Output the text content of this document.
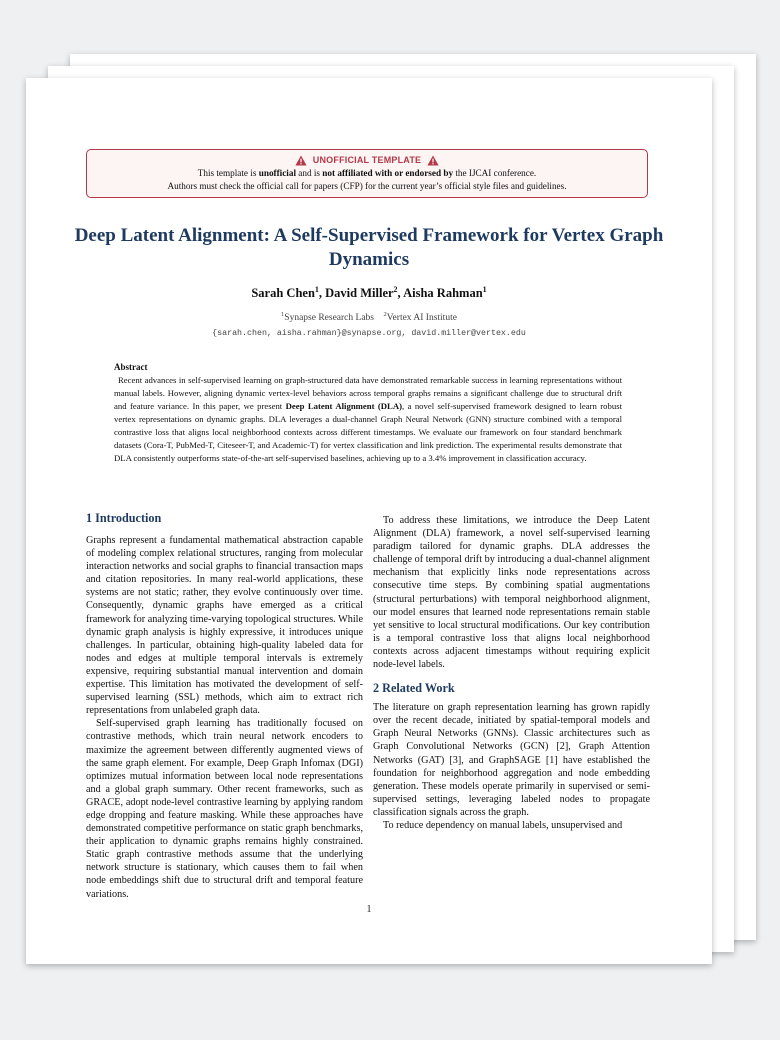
UNOFFICIAL TEMPLATE
This template is unofficial and is not affiliated with or endorsed by the IJCAI conference.
Authors must check the official call for papers (CFP) for the current year’s official style files and guidelines.
Deep Latent Alignment: A Self-Supervised Framework for Vertex Graph Dynamics
Sarah Chen$^1$, David Miller$^2$, Aisha Rahman$^1$
$^1$Synapse Research Labs $^2$Vertex AI Institute
{sarah.chen, aisha.rahman}@synapse.org, david.miller@vertex.edu
Abstract

Recent advances in self-supervised learning on graph-structured data have demonstrated remarkable success in learning representations without manual labels. However, aligning dynamic vertex-level behaviors across temporal graphs remains a significant challenge due to structural drift and feature variance. In this paper, we present Deep Latent Alignment (DLA), a novel self-supervised framework designed to learn robust vertex representations on dynamic graphs. DLA leverages a dual-channel Graph Neural Network (GNN) structure combined with a temporal contrastive loss that aligns local neighborhood contexts across different timestamps. We evaluate our framework on four standard benchmark datasets (Cora-T, PubMed-T, Citeseer-T, and Academic-T) for vertex classification and link prediction. The experimental results demonstrate that DLA consistently outperforms state-of-the-art self-supervised baselines, achieving up to a 3.4% improvement in classification accuracy.

1 Introduction

Graphs represent a fundamental mathematical abstraction capable of modeling complex relational structures, ranging from molecular interaction networks and social graphs to financial transaction maps and citation repositories. In many real-world applications, these systems are not static; rather, they evolve continuously over time. Consequently, dynamic graphs have emerged as a critical framework for analyzing time-varying topological structures. While dynamic graph analysis is highly expressive, it introduces unique challenges. In particular, obtaining high-quality labeled data for nodes and edges at multiple temporal intervals is extremely expensive, requiring substantial manual intervention and domain expertise. This limitation has motivated the development of self-supervised learning (SSL) methods, which aim to extract rich representations from unlabeled graph data.

Self-supervised graph learning has traditionally focused on contrastive methods, which train neural network encoders to maximize the agreement between differently augmented views of the same graph element. For example, Deep Graph Infomax (DGI) optimizes mutual information between local node representations and a global graph summary. Other recent frameworks, such as GRACE, adopt node-level contrastive learning by applying random edge dropping and feature masking. While these approaches have demonstrated competitive performance on static graph benchmarks, their application to dynamic graphs remains highly constrained. Static graph contrastive methods assume that the underlying network structure is stationary, which causes them to fail when node embeddings shift due to structural drift and temporal feature variations.

To address these limitations, we introduce the Deep Latent Alignment (DLA) framework, a novel self-supervised learning paradigm tailored for dynamic graphs. DLA addresses the challenge of temporal drift by introducing a dual-channel alignment mechanism that explicitly links node representations across consecutive time steps. By combining spatial augmentations (structural perturbations) with temporal neighborhood alignment, our model ensures that learned node representations remain stable yet sensitive to local structural modifications. Our key contribution is a temporal contrastive loss that aligns local neighborhood contexts across adjacent timestamps without requiring explicit node-level labels.

2 Related Work

The literature on graph representation learning has grown rapidly over the recent decade, initiated by spatial-temporal models and Graph Neural Networks (GNNs). Classic architectures such as Graph Convolutional Networks (GCN) [2], Graph Attention Networks (GAT) [3], and GraphSAGE [1] have established the foundation for neighborhood aggregation and node embedding generation. These models operate primarily in supervised or semi-supervised settings, leveraging labeled nodes to propagate classification signals across the graph.

To reduce dependency on manual labels, unsupervised and

1
